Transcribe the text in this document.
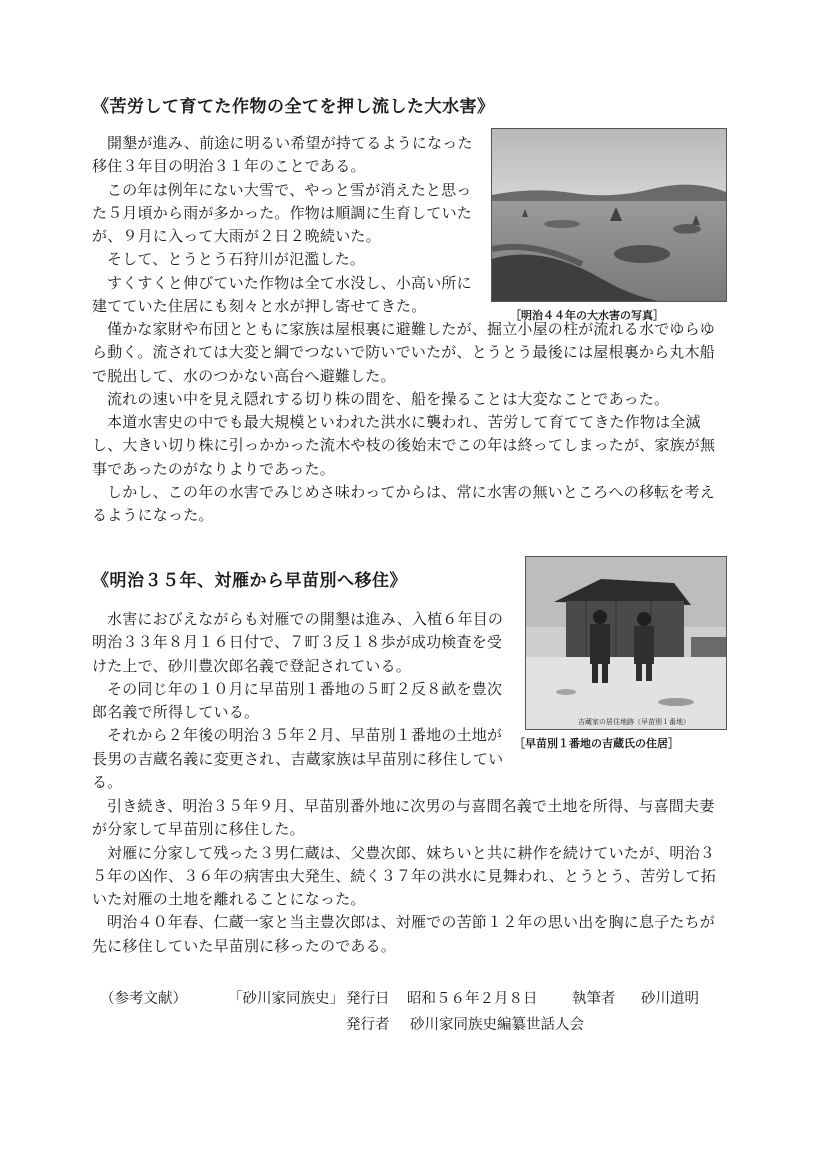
《苦労して育てた作物の全てを押し流した大水害》
［明治４４年の大水害の写真］

開墾が進み、前途に明るい希望が持てるようになった移住３年目の明治３１年のことである。

この年は例年にない大雪で、やっと雪が消えたと思った５月頃から雨が多かった。作物は順調に生育していたが、９月に入って大雨が２日２晩続いた。

そして、とうとう石狩川が氾濫した。

すくすくと伸びていた作物は全て水没し、小高い所に建てていた住居にも刻々と水が押し寄せてきた。

僅かな家財や布団とともに家族は屋根裏に避難したが、掘立小屋の柱が流れる水でゆらゆら動く。流されては大変と綱でつないで防いでいたが、とうとう最後には屋根裏から丸木船で脱出して、水のつかない高台へ避難した。

流れの速い中を見え隠れする切り株の間を、船を操ることは大変なことであった。

本道水害史の中でも最大規模といわれた洪水に襲われ、苦労して育ててきた作物は全滅し、大きい切り株に引っかかった流木や枝の後始末でこの年は終ってしまったが、家族が無事であったのがなりよりであった。

しかし、この年の水害でみじめさ味わってからは、常に水害の無いところへの移転を考えるようになった。

《明治３５年、対雁から早苗別へ移住》
吉蔵家の居住地跡（早苗別１番地）
［早苗別１番地の吉蔵氏の住居］

水害におびえながらも対雁での開墾は進み、入植６年目の明治３３年８月１６日付で、７町３反１８歩が成功検査を受けた上で、砂川豊次郎名義で登記されている。

その同じ年の１０月に早苗別１番地の５町２反８畝を豊次郎名義で所得している。

それから２年後の明治３５年２月、早苗別１番地の土地が長男の吉蔵名義に変更され、吉蔵家族は早苗別に移住している。

引き続き、明治３５年９月、早苗別番外地に次男の与喜間名義で土地を所得、与喜間夫妻が分家して早苗別に移住した。

対雁に分家して残った３男仁蔵は、父豊次郎、妹ちいと共に耕作を続けていたが、明治３５年の凶作、３６年の病害虫大発生、続く３７年の洪水に見舞われ、とうとう、苦労して拓いた対雁の土地を離れることになった。

明治４０年春、仁蔵一家と当主豊次郎は、対雁での苦節１２年の思い出を胸に息子たちが先に移住していた早苗別に移ったのである。

（参考文献）	「砂川家同族史」 発行日 昭和５６年２月８日 執筆者 砂川道明
発行者 砂川家同族史編纂世話人会
